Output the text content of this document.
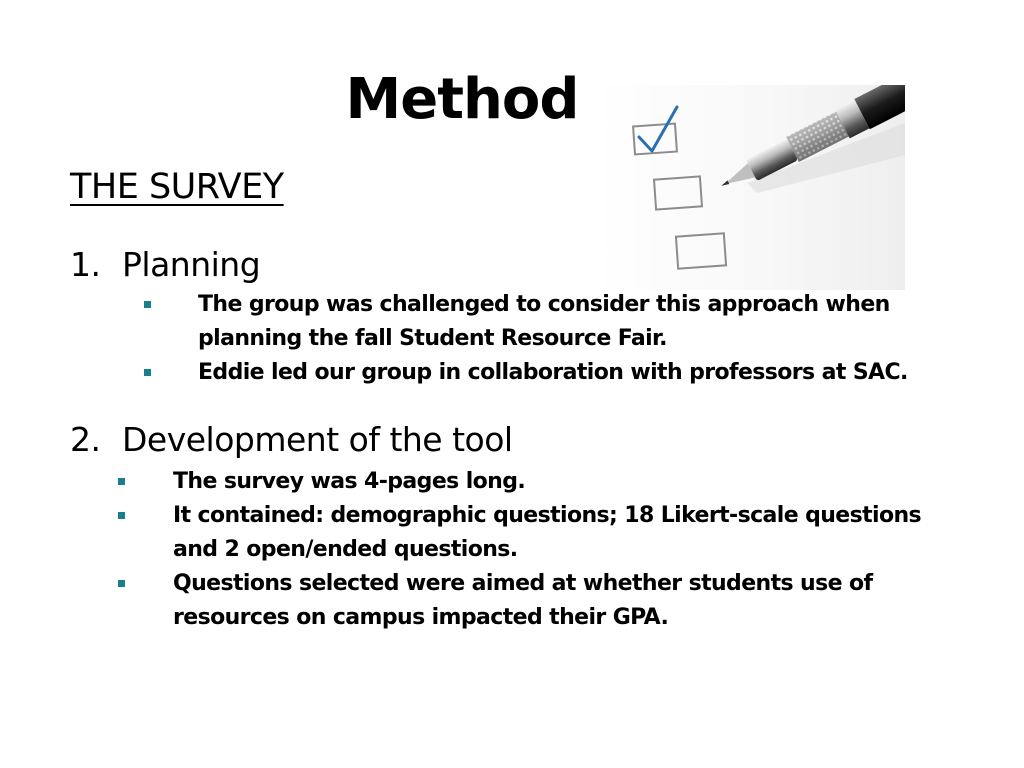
Method
THE SURVEY
1. Planning
The group was challenged to consider this approach when planning the fall Student Resource Fair.
Eddie led our group in collaboration with professors at SAC.
2. Development of the tool
The survey was 4-pages long.
It contained: demographic questions; 18 Likert-scale questions and 2 open/ended questions.
Questions selected were aimed at whether students use of resources on campus impacted their GPA.
